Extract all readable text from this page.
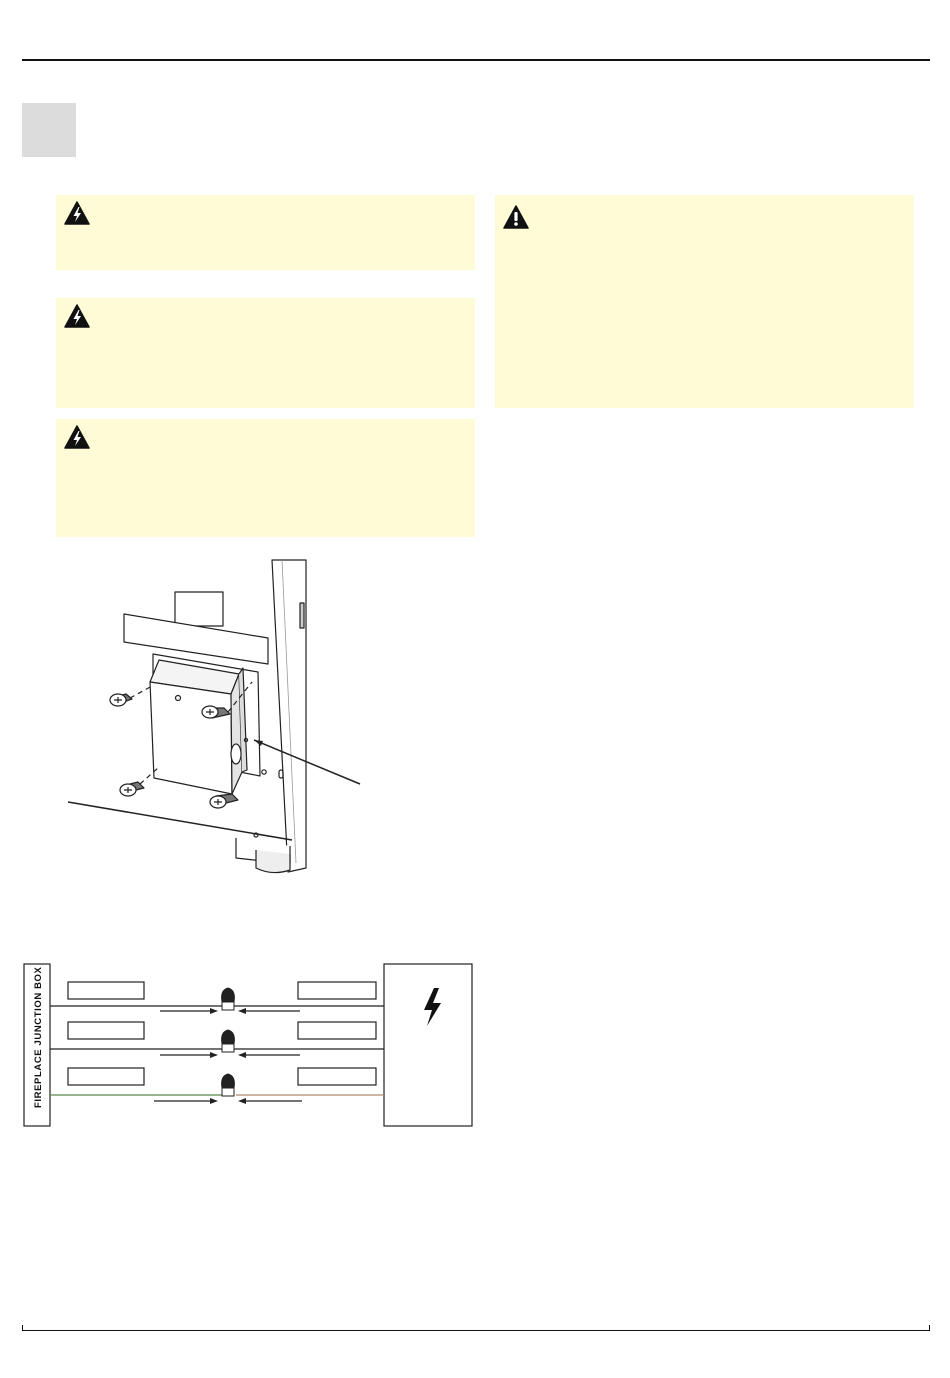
FIREPLACE JUNCTION BOX
